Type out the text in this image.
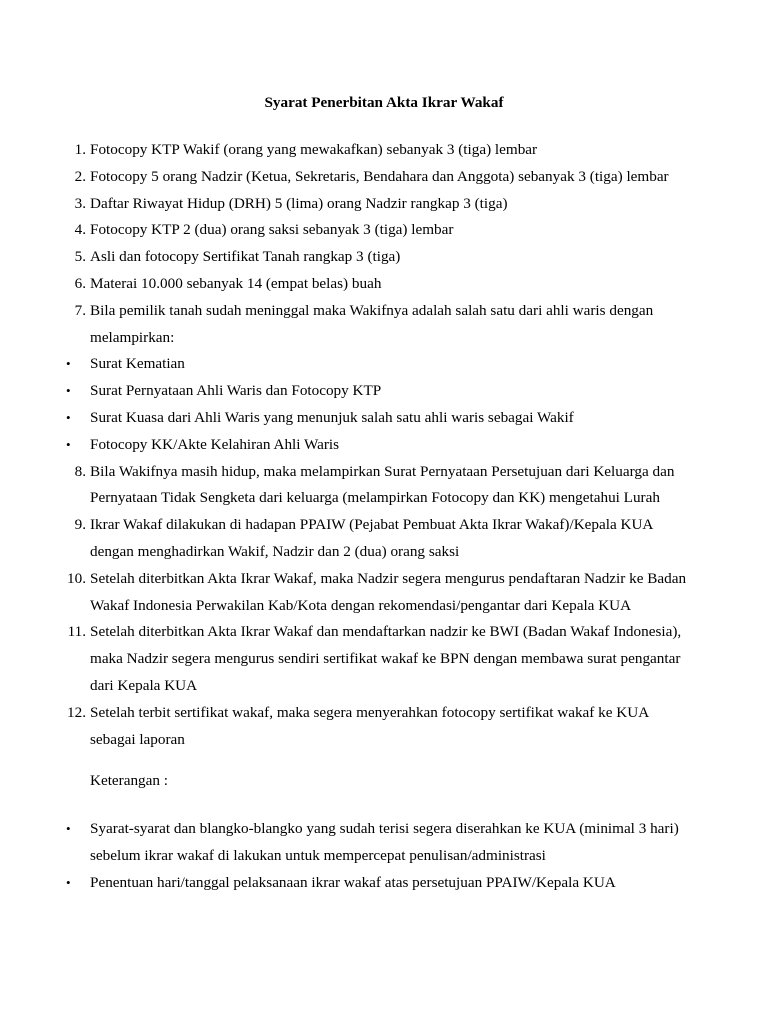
Syarat Penerbitan Akta Ikrar Wakaf
1. Fotocopy KTP Wakif (orang yang mewakafkan) sebanyak 3 (tiga) lembar
2. Fotocopy 5 orang Nadzir (Ketua, Sekretaris, Bendahara dan Anggota) sebanyak 3 (tiga) lembar
3. Daftar Riwayat Hidup (DRH) 5 (lima) orang Nadzir rangkap 3 (tiga)
4. Fotocopy KTP 2 (dua) orang saksi sebanyak 3 (tiga) lembar
5. Asli dan fotocopy Sertifikat Tanah rangkap 3 (tiga)
6. Materai 10.000 sebanyak 14 (empat belas) buah
7. Bila pemilik tanah sudah meninggal maka Wakifnya adalah salah satu dari ahli waris dengan melampirkan:
• Surat Kematian
• Surat Pernyataan Ahli Waris dan Fotocopy KTP
• Surat Kuasa dari Ahli Waris yang menunjuk salah satu ahli waris sebagai Wakif
• Fotocopy KK/Akte Kelahiran Ahli Waris
8. Bila Wakifnya masih hidup, maka melampirkan Surat Pernyataan Persetujuan dari Keluarga dan Pernyataan Tidak Sengketa dari keluarga (melampirkan Fotocopy dan KK) mengetahui Lurah
9. Ikrar Wakaf dilakukan di hadapan PPAIW (Pejabat Pembuat Akta Ikrar Wakaf)/Kepala KUA dengan menghadirkan Wakif, Nadzir dan 2 (dua) orang saksi
10. Setelah diterbitkan Akta Ikrar Wakaf, maka Nadzir segera mengurus pendaftaran Nadzir ke Badan Wakaf Indonesia Perwakilan Kab/Kota dengan rekomendasi/pengantar dari Kepala KUA
11. Setelah diterbitkan Akta Ikrar Wakaf dan mendaftarkan nadzir ke BWI (Badan Wakaf Indonesia), maka Nadzir segera mengurus sendiri sertifikat wakaf ke BPN dengan membawa surat pengantar dari Kepala KUA
12. Setelah terbit sertifikat wakaf, maka segera menyerahkan fotocopy sertifikat wakaf ke KUA sebagai laporan
Keterangan :
• Syarat-syarat dan blangko-blangko yang sudah terisi segera diserahkan ke KUA (minimal 3 hari) sebelum ikrar wakaf di lakukan untuk mempercepat penulisan/administrasi
• Penentuan hari/tanggal pelaksanaan ikrar wakaf atas persetujuan PPAIW/Kepala KUA
